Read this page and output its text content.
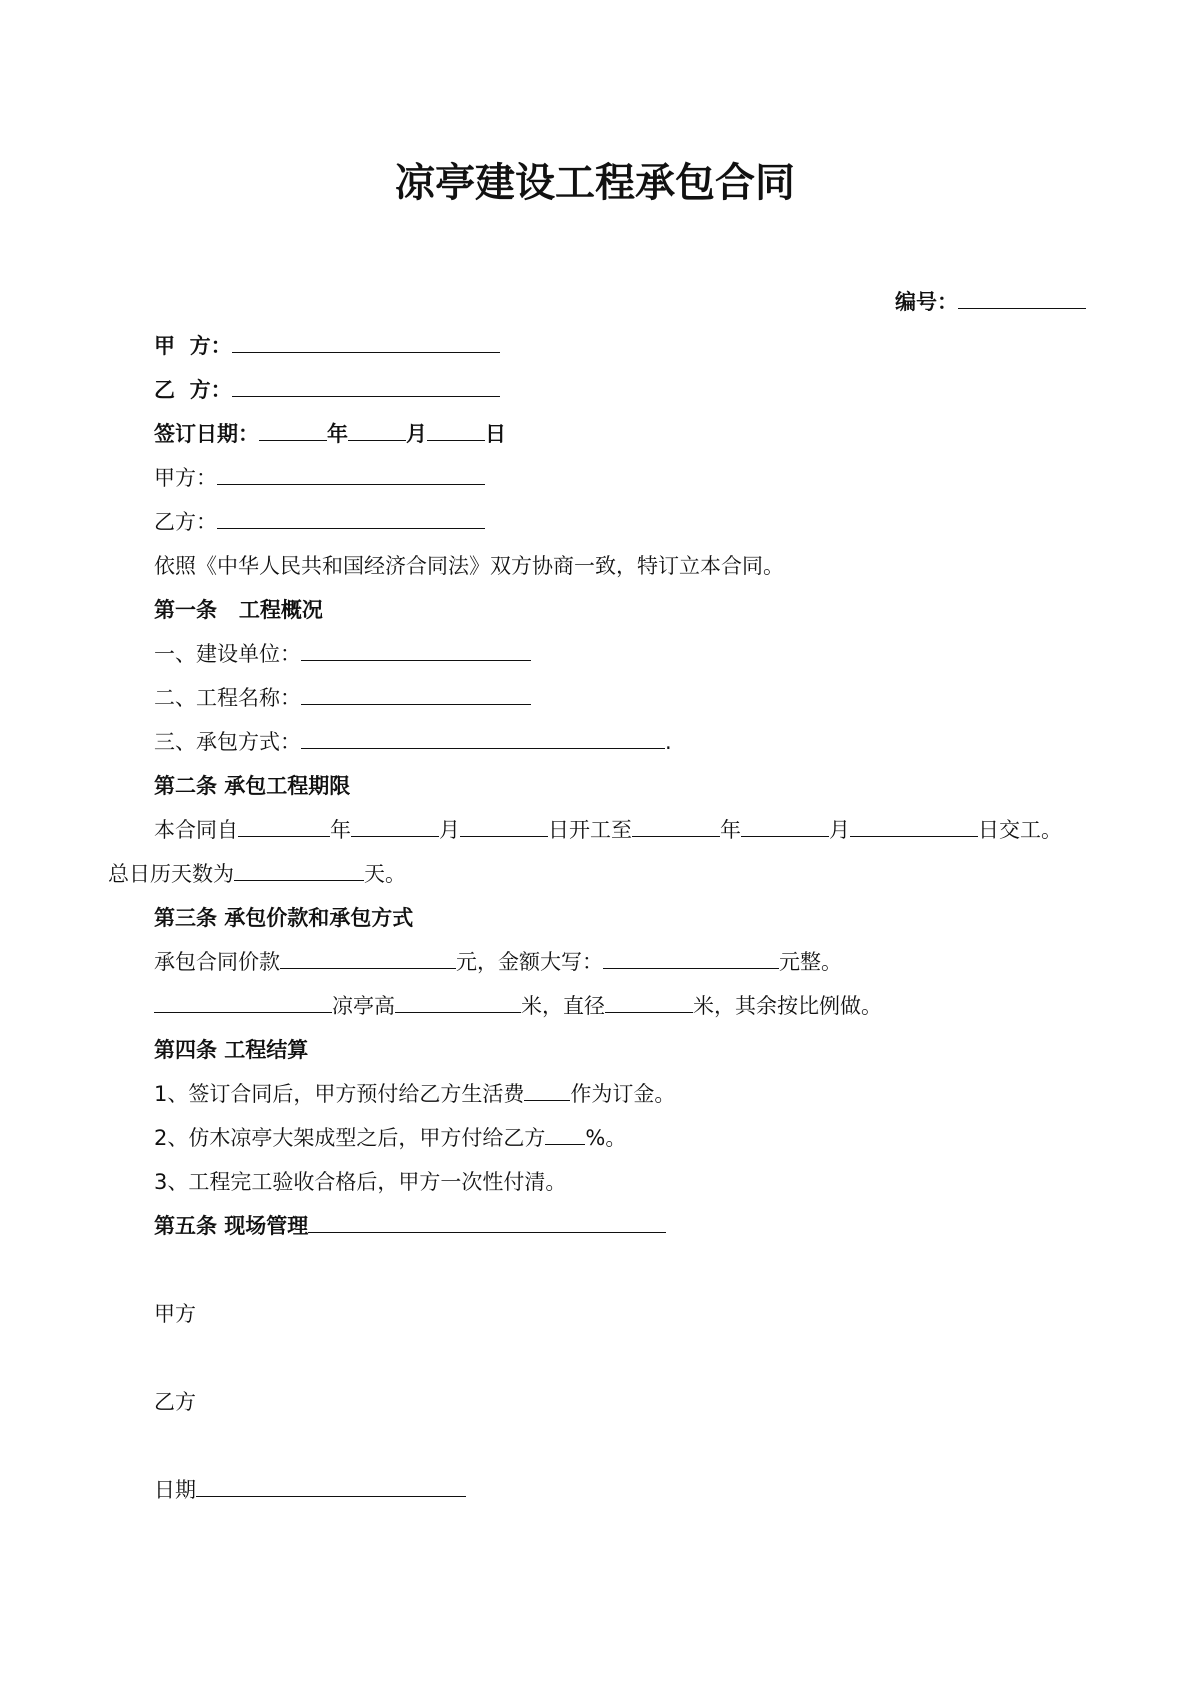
凉亭建设工程承包合同
编号：
甲  方：
乙  方：
签订日期：	年	月	日
甲方：
乙方：
依照《中华人民共和国经济合同法》双方协商一致，特订立本合同。
第一条   工程概况
一、建设单位：
二、工程名称：
三、承包方式：	.
第二条 承包工程期限
本合同自	年	月	日开工至	年	月	日交工。
总日历天数为	天。
第三条 承包价款和承包方式
承包合同价款	元，金额大写：	元整。
凉亭高	米，直径	米，其余按比例做。
第四条 工程结算
1、签订合同后，甲方预付给乙方生活费 作为订金。
2、仿木凉亭大架成型之后，甲方付给乙方 %。
3、工程完工验收合格后，甲方一次性付清。
第五条 现场管理
甲方
乙方
日期
